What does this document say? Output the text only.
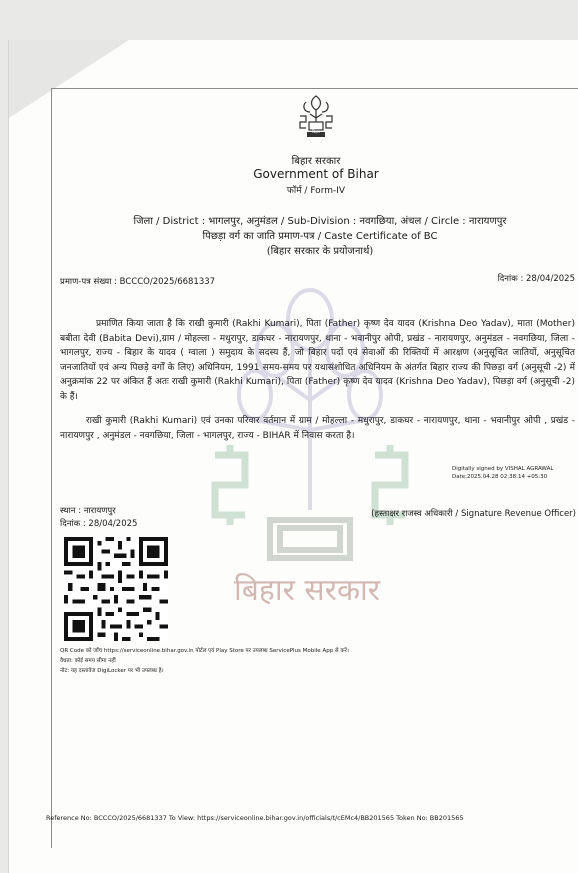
बिहार सरकार
बिहार
बिहार सरकार
Government of Bihar
फॉर्म / Form-IV
जिला / District : भागलपुर, अनुमंडल / Sub-Division : नवगछिया, अंचल / Circle : नारायणपुर
पिछड़ा वर्ग का जाति प्रमाण-पत्र / Caste Certificate of BC
(बिहार सरकार के प्रयोजनार्थ)
प्रमाण-पत्र संख्या : BCCCO/2025/6681337	दिनांक : 28/04/2025
प्रमाणित किया जाता है कि राखी कुमारी (Rakhi Kumari), पिता (Father) कृष्ण देव यादव (Krishna Deo Yadav), माता (Mother) बबीता देवी (Babita Devi),ग्राम / मोहल्ला - मधुरापुर, डाकघर - नारायणपुर, थाना - भवानीपुर ओपी, प्रखंड - नारायणपुर, अनुमंडल - नवगछिया, जिला - भागलपुर, राज्य - बिहार के यादव ( ग्वाला ) समुदाय के सदस्य हैं, जो बिहार पदों एवं सेवाओं की रिक्तियों में आरक्षण (अनुसूचित जातियों, अनुसूचित जनजातियों एवं अन्य पिछड़े वर्गों के लिए) अधिनियम, 1991 समय-समय पर यथासंशोधित अधिनियम के अंतर्गत बिहार राज्य की पिछड़ा वर्ग (अनुसूची -2) में अनुक्रमांक 22 पर अंकित हैं अतः राखी कुमारी (Rakhi Kumari), पिता (Father) कृष्ण देव यादव (Krishna Deo Yadav), पिछड़ा वर्ग (अनुसूची -2) के हैं।
राखी कुमारी (Rakhi Kumari) एवं उनका परिवार वर्तमान में ग्राम / मोहल्ला - मधुरापुर, डाकघर - नारायणपुर, थाना - भवानीपुर ओपी , प्रखंड - नारायणपुर , अनुमंडल - नवगछिया, जिला - भागलपुर, राज्य - BIHAR में निवास करता है।
Digitally signed by VISHAL AGRAWAL
Date:2025.04.28 02:38:14 +05:30
स्थान : नारायणपुर
दिनांक : 28/04/2025
(हस्ताक्षर राजस्व अधिकारी / Signature Revenue Officer)
QR Code को जाँच https://serviceonline.bihar.gov.in पोर्टल एवं Play Store पर उपलब्ध ServicePlus Mobile App से करें।
वैधता: कोई समय सीमा नहीं
नोट: यह दस्तावेज DigiLocker पर भी उपलब्ध है।
Reference No: BCCCO/2025/6681337 To View: https://serviceonline.bihar.gov.in/officials/t/cEMc4/BB201565 Token No: BB201565
